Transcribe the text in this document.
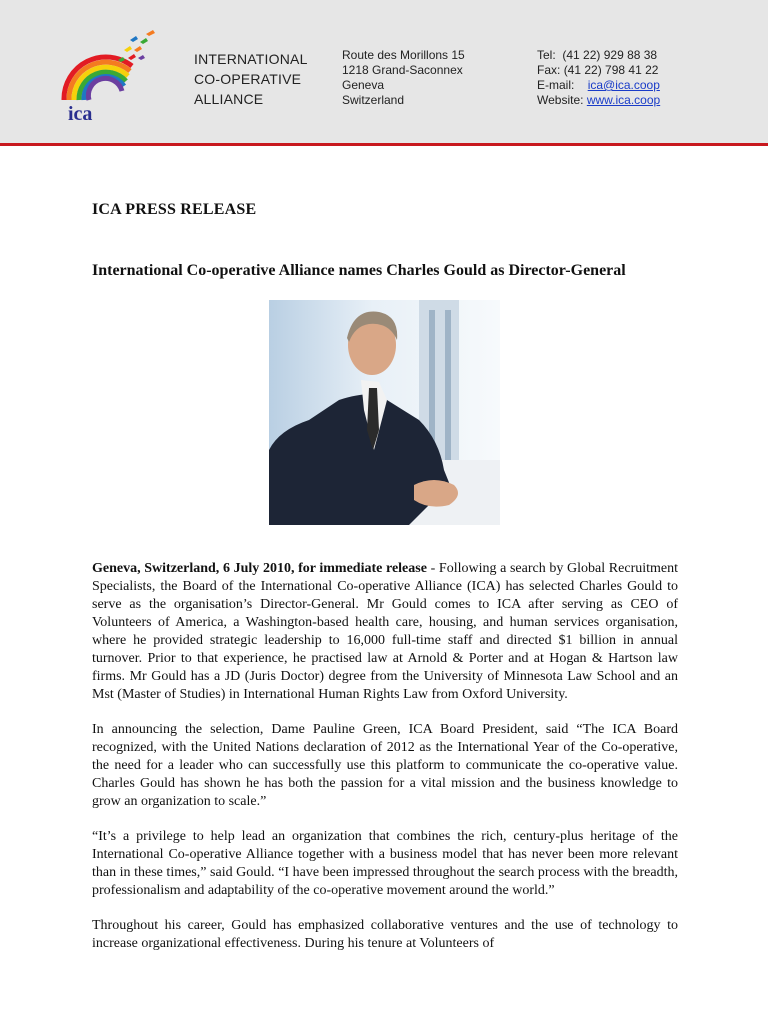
ica
INTERNATIONAL
CO-OPERATIVE
ALLIANCE
Route des Morillons 15
1218 Grand-Saconnex
Geneva
Switzerland
Tel: (41 22) 929 88 38
Fax: (41 22) 798 41 22
E-mail: ica@ica.coop
Website: www.ica.coop
ICA PRESS RELEASE
International Co-operative Alliance names Charles Gould as Director-General

Geneva, Switzerland, 6 July 2010, for immediate release - Following a search by Global Recruitment Specialists, the Board of the International Co-operative Alliance (ICA) has selected Charles Gould to serve as the organisation’s Director-General. Mr Gould comes to ICA after serving as CEO of Volunteers of America, a Washington-based health care, housing, and human services organisation, where he provided strategic leadership to 16,000 full-time staff and directed $1 billion in annual turnover. Prior to that experience, he practised law at Arnold & Porter and at Hogan & Hartson law firms. Mr Gould has a JD (Juris Doctor) degree from the University of Minnesota Law School and an Mst (Master of Studies) in International Human Rights Law from Oxford University.

In announcing the selection, Dame Pauline Green, ICA Board President, said “The ICA Board recognized, with the United Nations declaration of 2012 as the International Year of the Co-operative, the need for a leader who can successfully use this platform to communicate the co-operative value. Charles Gould has shown he has both the passion for a vital mission and the business knowledge to grow an organization to scale.”

“It’s a privilege to help lead an organization that combines the rich, century-plus heritage of the International Co-operative Alliance together with a business model that has never been more relevant than in these times,” said Gould. “I have been impressed throughout the search process with the breadth, professionalism and adaptability of the co-operative movement around the world.”

Throughout his career, Gould has emphasized collaborative ventures and the use of technology to increase organizational effectiveness. During his tenure at Volunteers of
